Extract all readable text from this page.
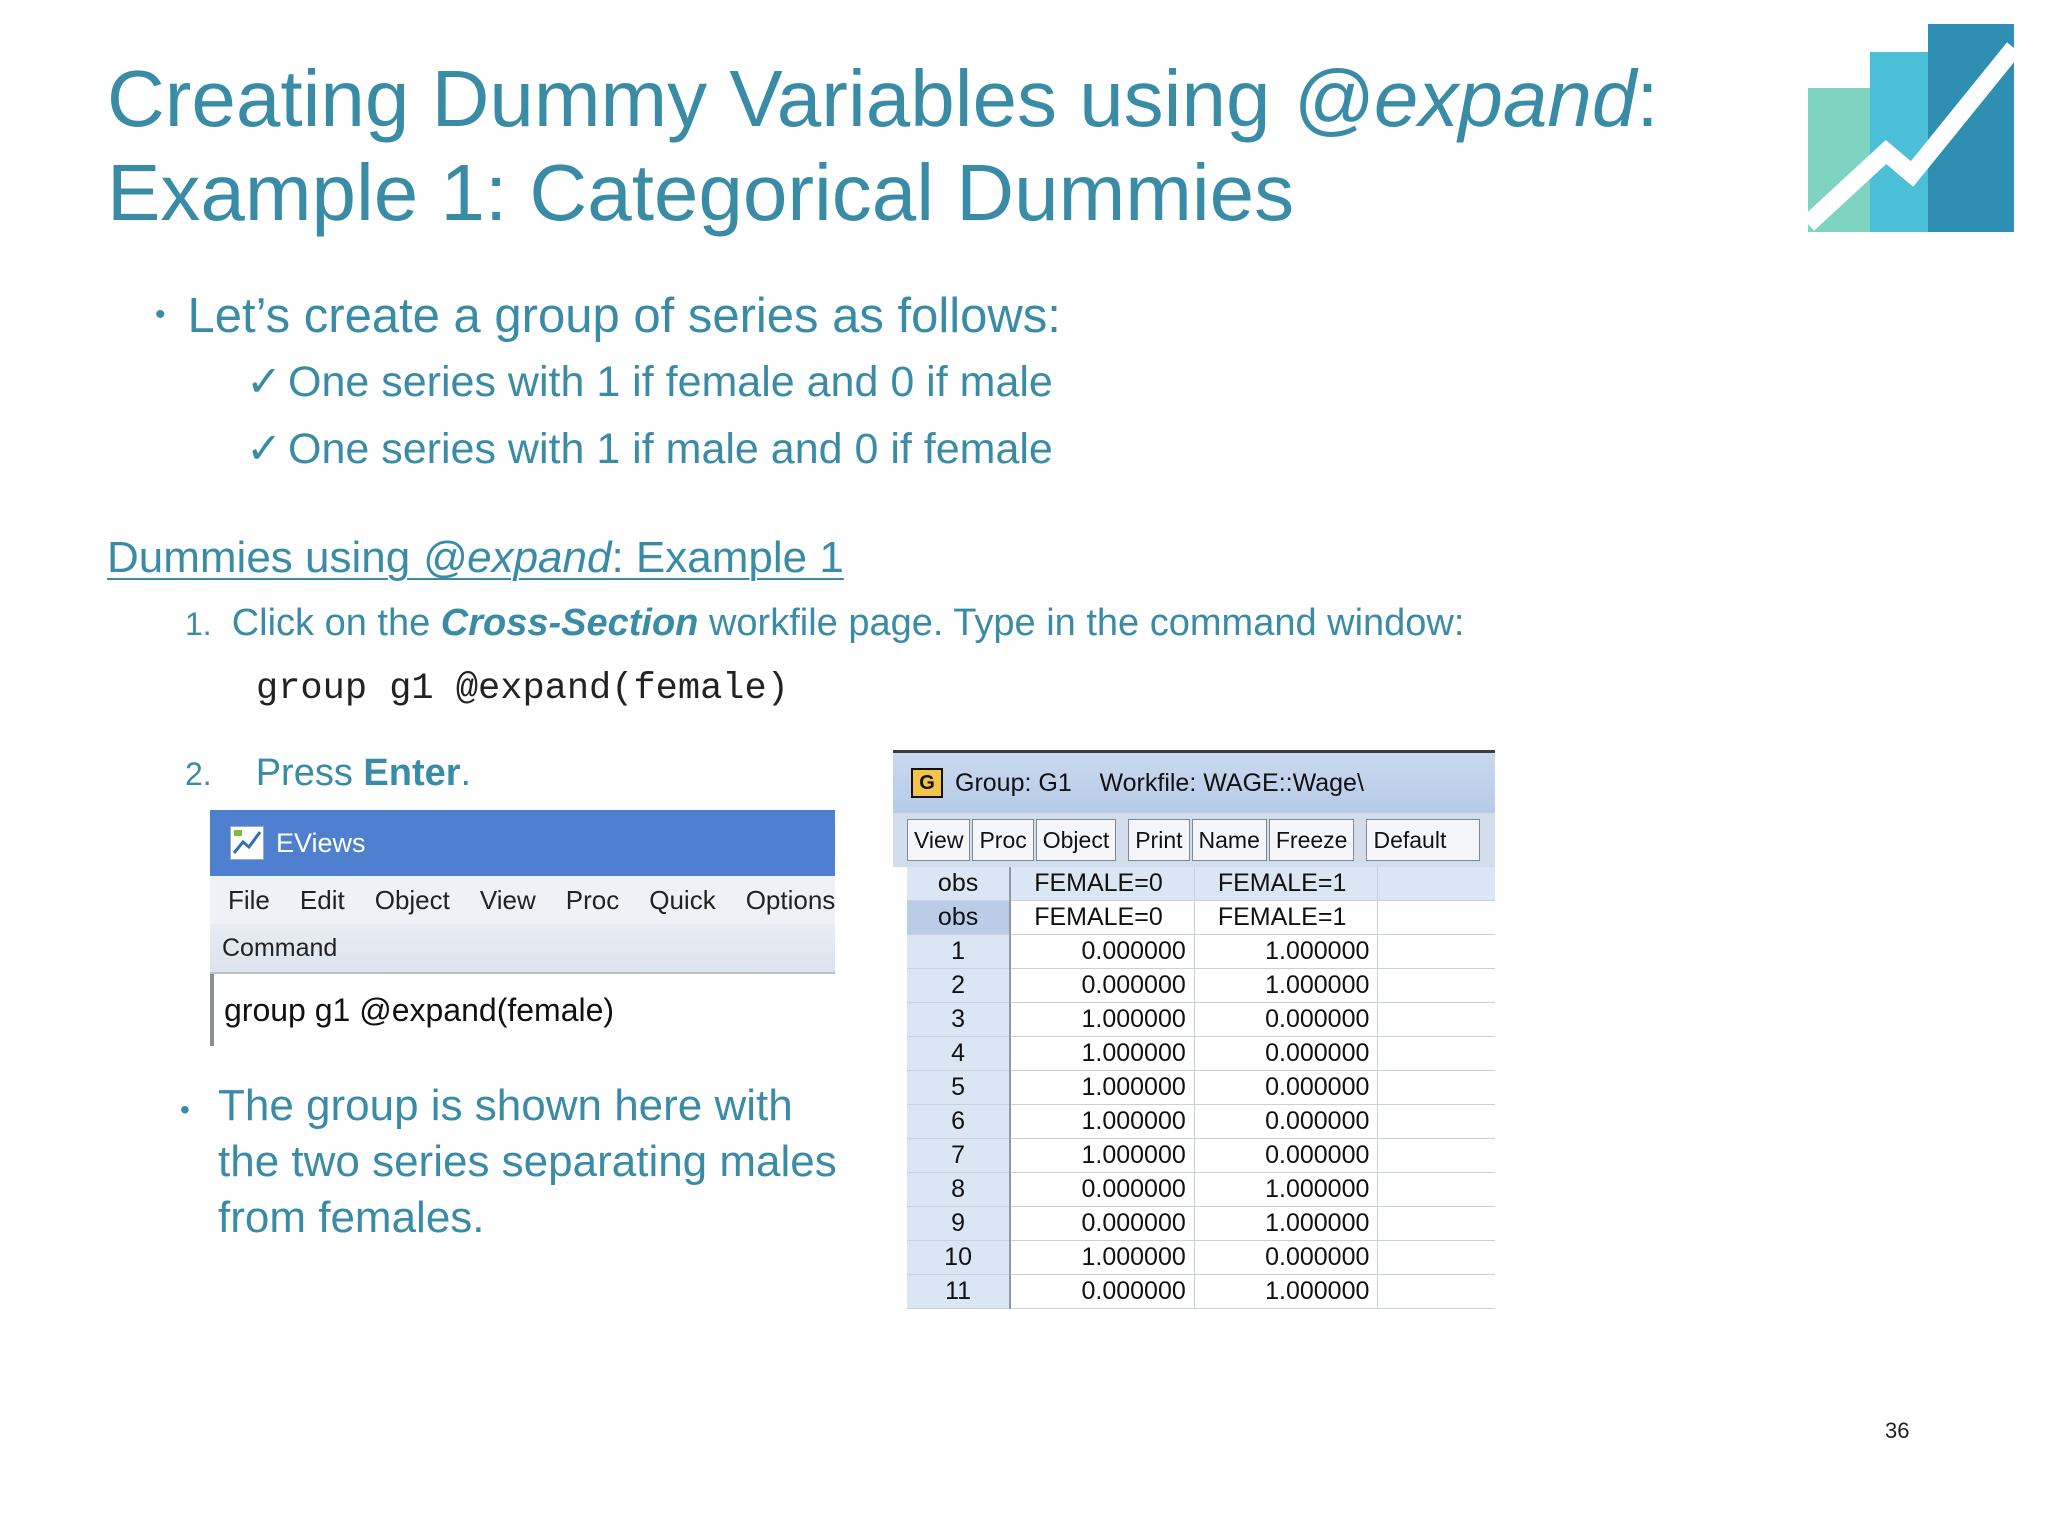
Creating Dummy Variables using @expand:
Example 1: Categorical Dummies
• Let’s create a group of series as follows:
✓ One series with 1 if female and 0 if male
✓ One series with 1 if male and 0 if female
Dummies using @expand: Example 1
1. Click on the Cross-Section workfile page. Type in the command window:
group g1 @expand(female)
2. Press Enter.
EViews
File Edit Object View Proc Quick Options
Command
group g1 @expand(female)
• The group is shown here with the two series separating males from females.
G Group: G1    Workfile: WAGE::Wage\
View Proc Object	Print Name Freeze	Default
obs	FEMALE=0	FEMALE=1	
obs	FEMALE=0	FEMALE=1	
1	0.000000	1.000000	
2	0.000000	1.000000	
3	1.000000	0.000000	
4	1.000000	0.000000	
5	1.000000	0.000000	
6	1.000000	0.000000	
7	1.000000	0.000000	
8	0.000000	1.000000	
9	0.000000	1.000000	
10	1.000000	0.000000	
11	0.000000	1.000000	
36
